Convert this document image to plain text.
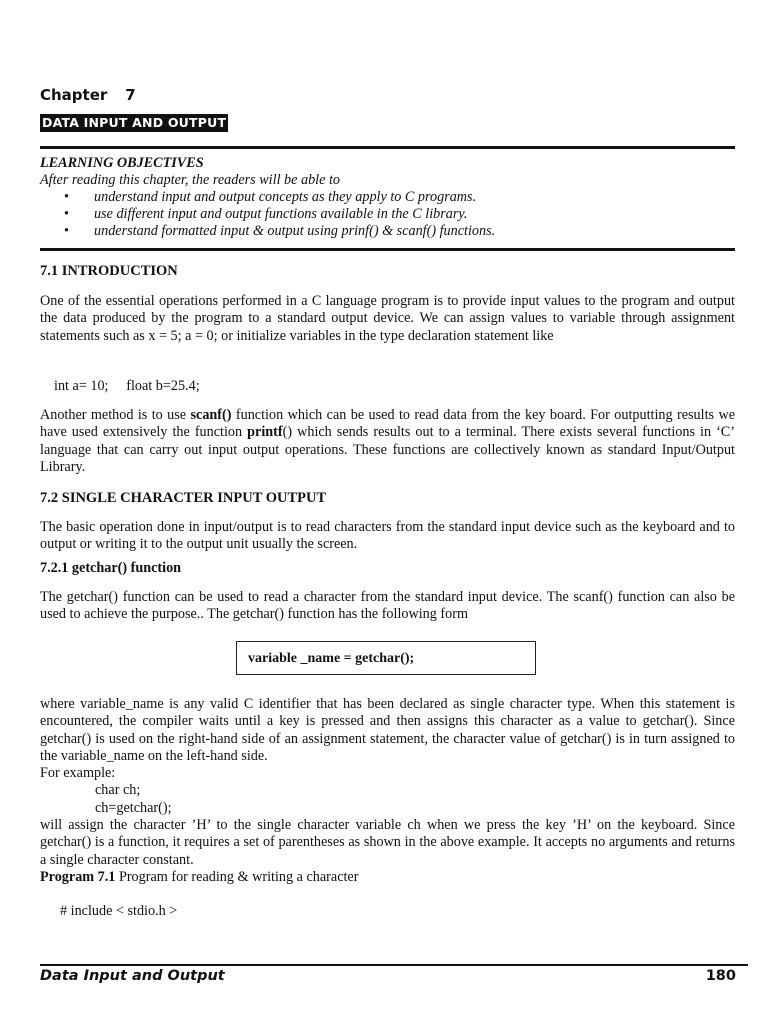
Chapter 7
DATA INPUT AND OUTPUT
LEARNING OBJECTIVES
After reading this chapter, the readers will be able to
• understand input and output concepts as they apply to C programs.
• use different input and output functions available in the C library.
• understand formatted input & output using prinf() & scanf() functions.
7.1 INTRODUCTION
One of the essential operations performed in a C language program is to provide input values to the program and output the data produced by the program to a standard output device. We can assign values to variable through assignment statements such as x = 5; a = 0; or initialize variables in the type declaration statement like
int a= 10;     float b=25.4;
Another method is to use scanf() function which can be used to read data from the key board. For outputting results we have used extensively the function printf() which sends results out to a terminal. There exists several functions in ‘C’ language that can carry out input output operations. These functions are collectively known as standard Input/Output Library.
7.2 SINGLE CHARACTER INPUT OUTPUT
The basic operation done in input/output is to read characters from the standard input device such as the keyboard and to output or writing it to the output unit usually the screen.
7.2.1 getchar() function
The getchar() function can be used to read a character from the standard input device. The scanf() function can also be used to achieve the purpose.. The getchar() function has the following form
variable _name = getchar();
where variable_name is any valid C identifier that has been declared as single character type. When this statement is encountered, the compiler waits until a key is pressed and then assigns this character as a value to getchar(). Since getchar() is used on the right-hand side of an assignment statement, the character value of getchar() is in turn assigned to the variable_name on the left-hand side.
For example:
char ch;
ch=getchar();
will assign the character ’H’ to the single character variable ch when we press the key ’H’ on the keyboard. Since getchar() is a function, it requires a set of parentheses as shown in the above example. It accepts no arguments and returns a single character constant.
Program 7.1 Program for reading & writing a character
# include < stdio.h >
Data Input and Output	180
